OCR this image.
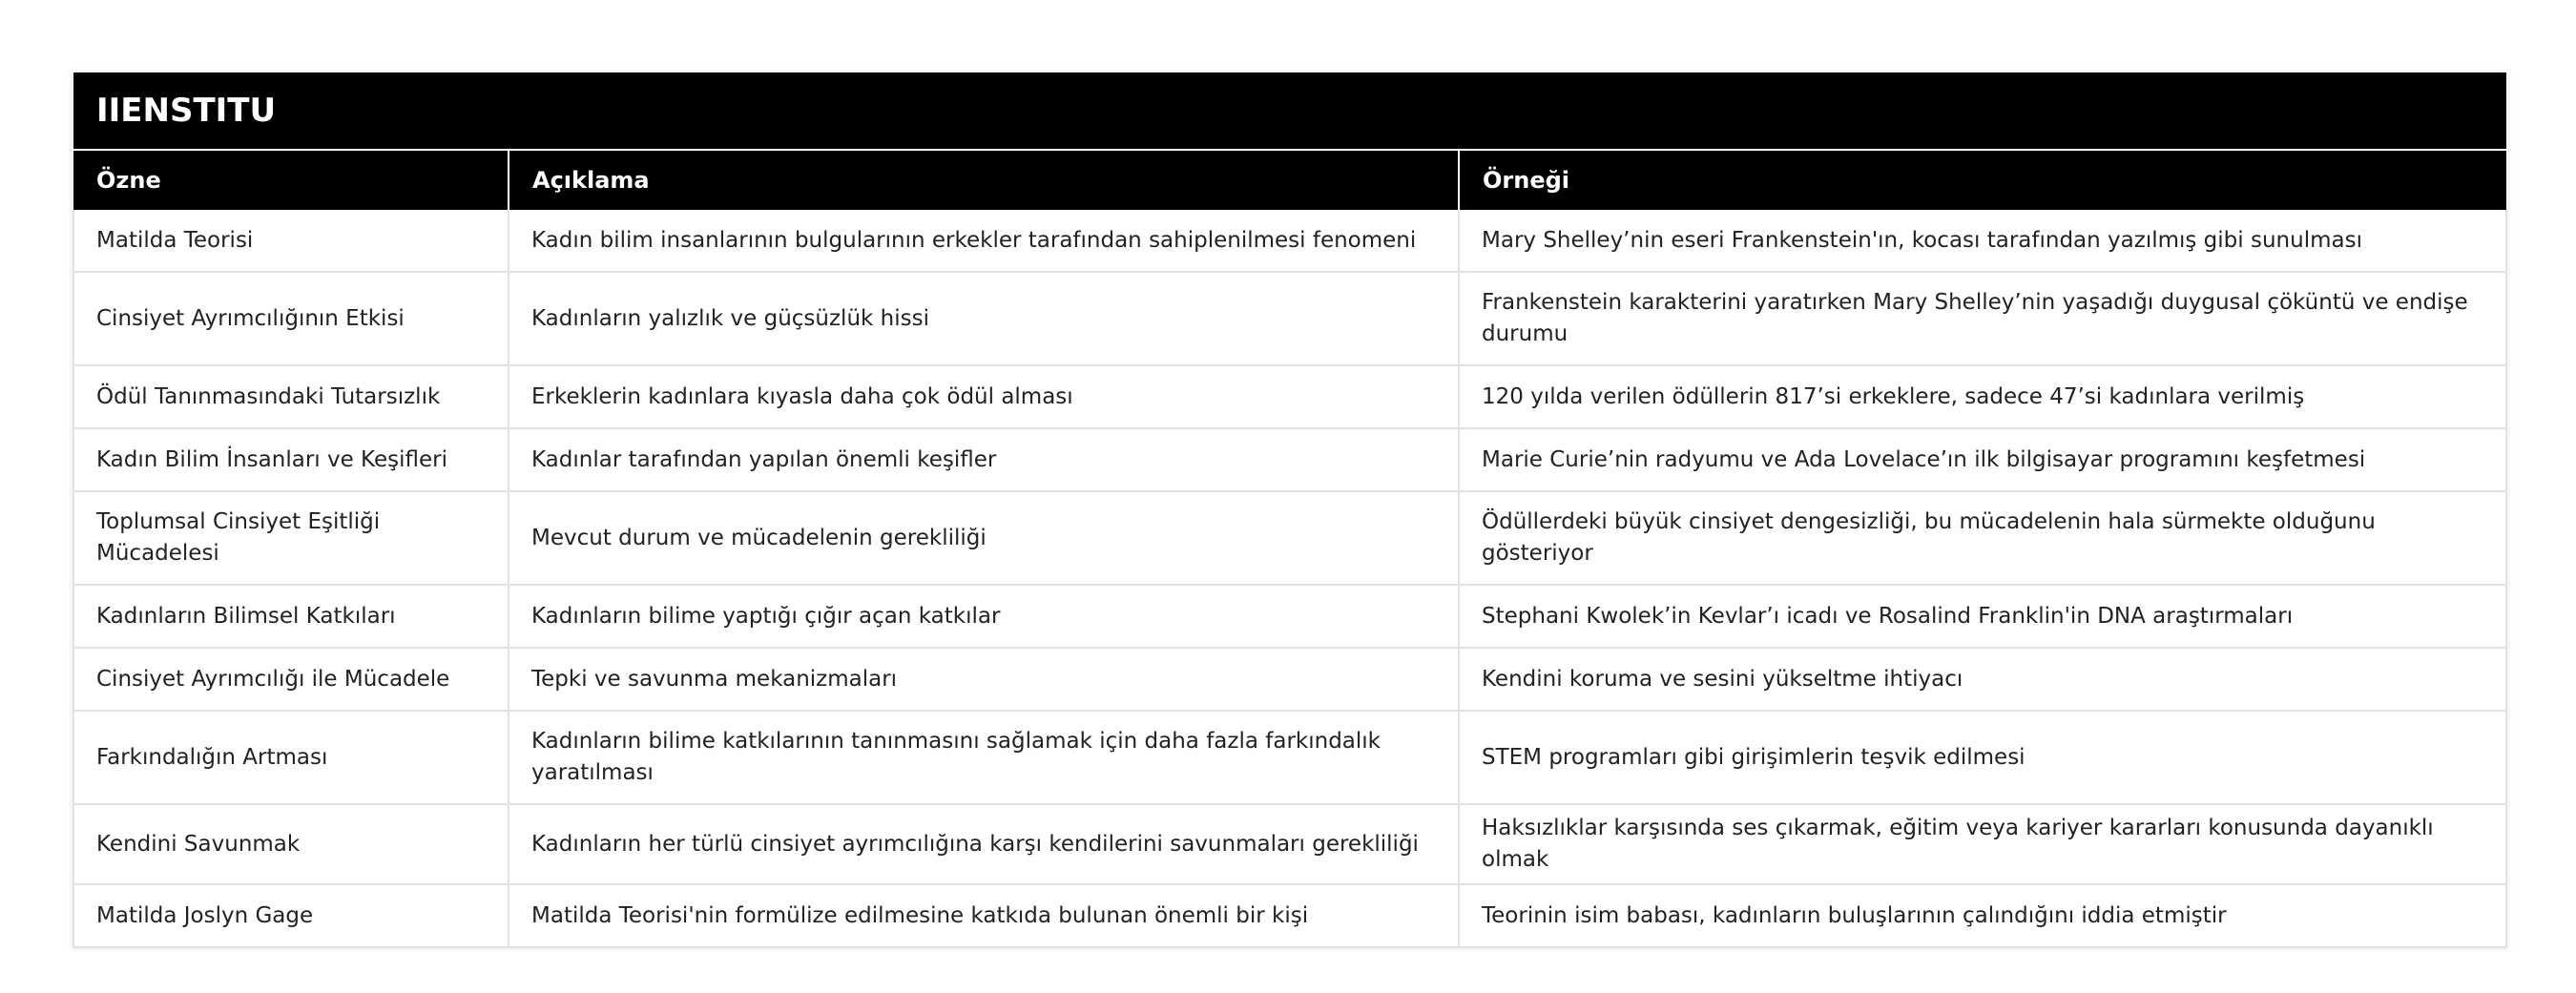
IIENSTITU		
Özne	Açıklama	Örneği
Matilda Teorisi	Kadın bilim insanlarının bulgularının erkekler tarafından sahiplenilmesi fenomeni	Mary Shelley’nin eseri Frankenstein'ın, kocası tarafından yazılmış gibi sunulması
Cinsiyet Ayrımcılığının Etkisi	Kadınların yalızlık ve güçsüzlük hissi	Frankenstein karakterini yaratırken Mary Shelley’nin yaşadığı duygusal çöküntü ve endişe durumu
Ödül Tanınmasındaki Tutarsızlık	Erkeklerin kadınlara kıyasla daha çok ödül alması	120 yılda verilen ödüllerin 817’si erkeklere, sadece 47’si kadınlara verilmiş
Kadın Bilim İnsanları ve Keşifleri	Kadınlar tarafından yapılan önemli keşifler	Marie Curie’nin radyumu ve Ada Lovelace’ın ilk bilgisayar programını keşfetmesi
Toplumsal Cinsiyet Eşitliği Mücadelesi	Mevcut durum ve mücadelenin gerekliliği	Ödüllerdeki büyük cinsiyet dengesizliği, bu mücadelenin hala sürmekte olduğunu gösteriyor
Kadınların Bilimsel Katkıları	Kadınların bilime yaptığı çığır açan katkılar	Stephani Kwolek’in Kevlar’ı icadı ve Rosalind Franklin'in DNA araştırmaları
Cinsiyet Ayrımcılığı ile Mücadele	Tepki ve savunma mekanizmaları	Kendini koruma ve sesini yükseltme ihtiyacı
Farkındalığın Artması	Kadınların bilime katkılarının tanınmasını sağlamak için daha fazla farkındalık yaratılması	STEM programları gibi girişimlerin teşvik edilmesi
Kendini Savunmak	Kadınların her türlü cinsiyet ayrımcılığına karşı kendilerini savunmaları gerekliliği	Haksızlıklar karşısında ses çıkarmak, eğitim veya kariyer kararları konusunda dayanıklı olmak
Matilda Joslyn Gage	Matilda Teorisi'nin formülize edilmesine katkıda bulunan önemli bir kişi	Teorinin isim babası, kadınların buluşlarının çalındığını iddia etmiştir
